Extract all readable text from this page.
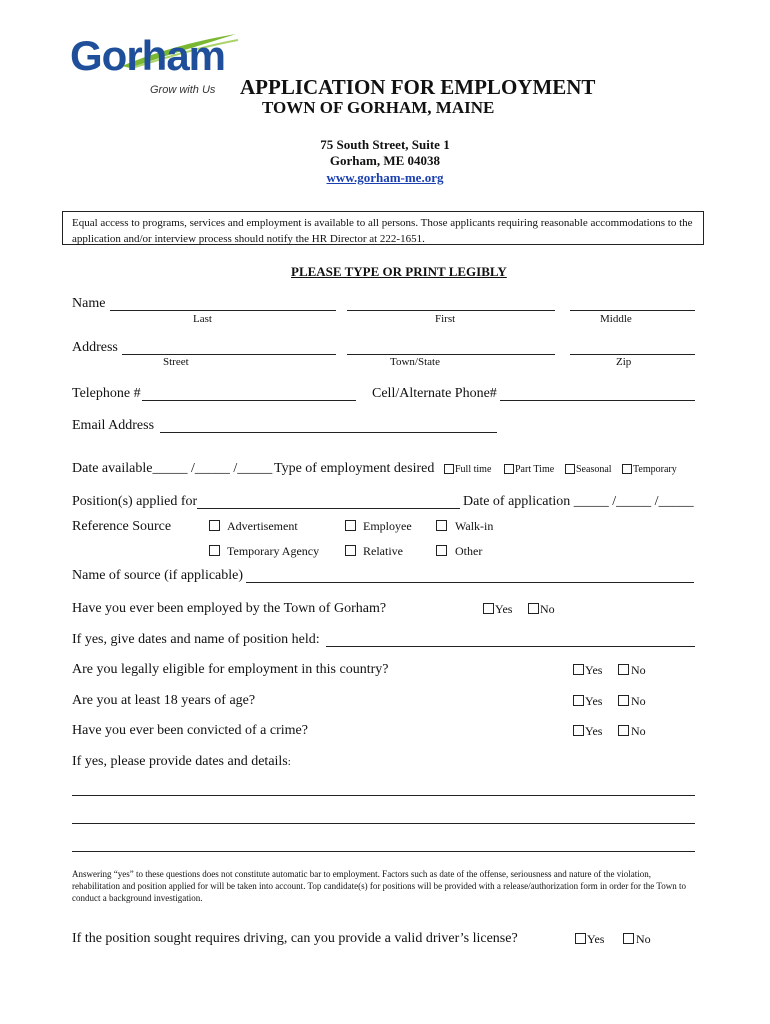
Gorham
Grow with Us APPLICATION FOR EMPLOYMENT
TOWN OF GORHAM, MAINE
75 South Street, Suite 1
Gorham, ME 04038
www.gorham-me.org
Equal access to programs, services and employment is available to all persons. Those applicants requiring reasonable accommodations to the application and/or interview process should notify the HR Director at 222-1651.
PLEASE TYPE OR PRINT LEGIBLY
Name
Last	First	Middle
Address
Street	Town/State	Zip
Telephone #	Cell/Alternate Phone#
Email Address
Date available_____ /_____ /_____ Type of employment desired Full time Part Time Seasonal Temporary
Position(s) applied for	Date of application _____ /_____ /_____
Reference Source	Advertisement	Employee	Walk-in
Temporary Agency	Relative	Other
Name of source (if applicable)
Have you ever been employed by the Town of Gorham?	Yes No
If yes, give dates and name of position held:
Are you legally eligible for employment in this country?	Yes No
Are you at least 18 years of age?	Yes No
Have you ever been convicted of a crime?	Yes No
If yes, please provide dates and details:
Answering “yes” to these questions does not constitute automatic bar to employment. Factors such as date of the offense, seriousness and nature of the violation, rehabilitation and position applied for will be taken into account. Top candidate(s) for positions will be provided with a release/authorization form in order for the Town to conduct a background investigation.
If the position sought requires driving, can you provide a valid driver’s license?	Yes	No
